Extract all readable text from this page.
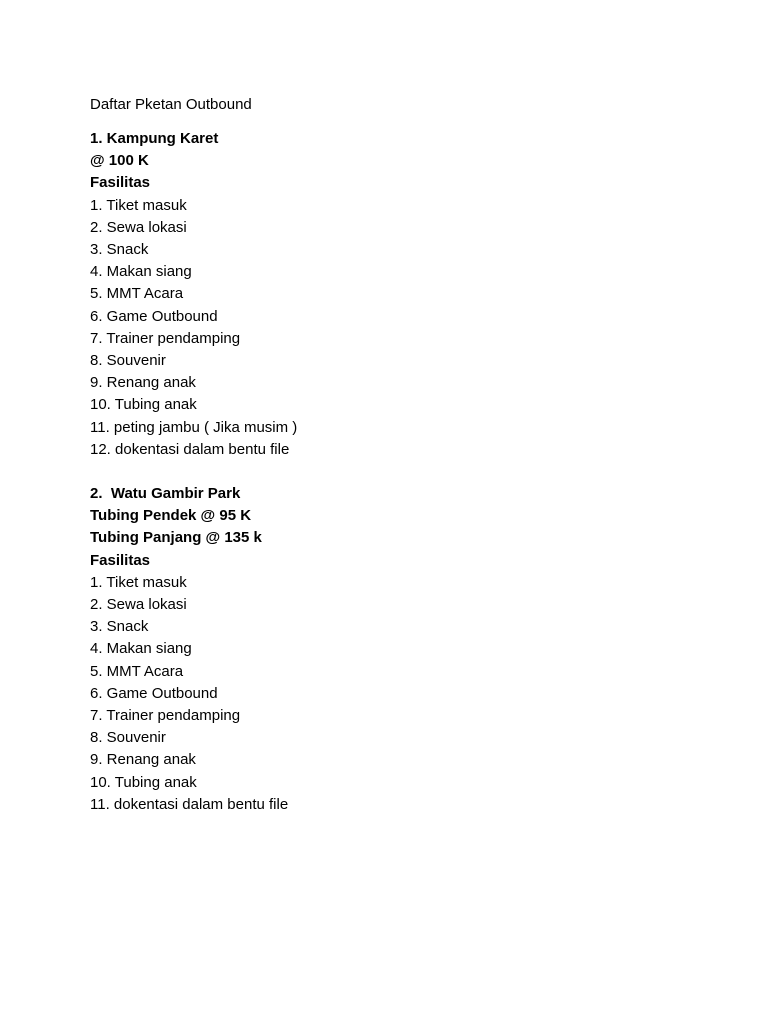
Daftar Pketan Outbound
1. Kampung Karet
@ 100 K
Fasilitas
1. Tiket masuk
2. Sewa lokasi
3. Snack
4. Makan siang
5. MMT Acara
6. Game Outbound
7. Trainer pendamping
8. Souvenir
9. Renang anak
10. Tubing anak
11. peting jambu ( Jika musim )
12. dokentasi dalam bentu file
2.  Watu Gambir Park
Tubing Pendek @ 95 K
Tubing Panjang @ 135 k
Fasilitas
1. Tiket masuk
2. Sewa lokasi
3. Snack
4. Makan siang
5. MMT Acara
6. Game Outbound
7. Trainer pendamping
8. Souvenir
9. Renang anak
10. Tubing anak
11. dokentasi dalam bentu file
